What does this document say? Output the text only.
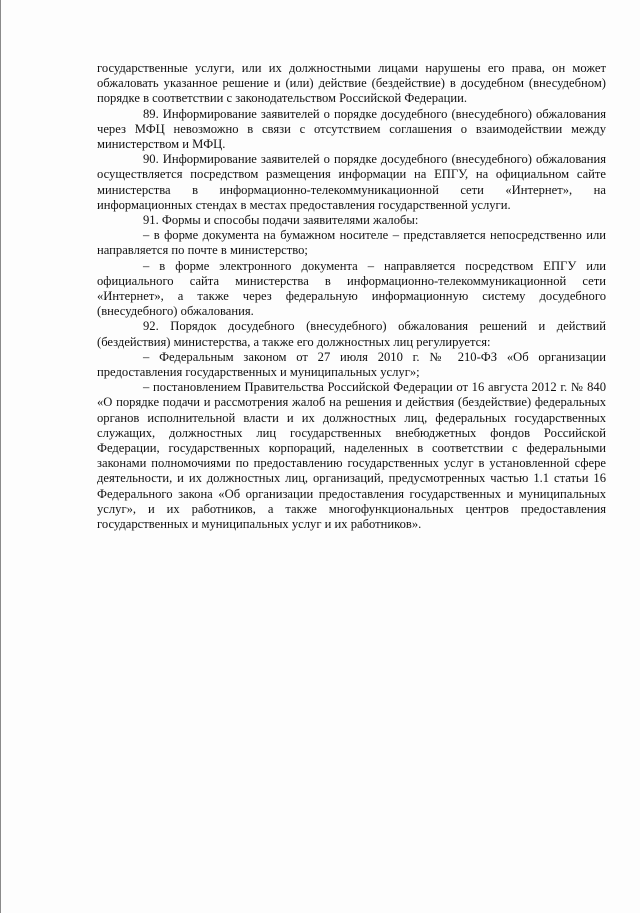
государственные услуги, или их должностными лицами нарушены его права, он может обжаловать указанное решение и (или) действие (бездействие) в досудебном (внесудебном) порядке в соответствии с законодательством Российской Федерации.

89. Информирование заявителей о порядке досудебного (внесудебного) обжалования через МФЦ невозможно в связи с отсутствием соглашения о взаимодействии между министерством и МФЦ.

90. Информирование заявителей о порядке досудебного (внесудебного) обжалования осуществляется посредством размещения информации на ЕПГУ, на официальном сайте министерства в информационно-телекоммуникационной сети «Интернет», на информационных стендах в местах предоставления государственной услуги.

91. Формы и способы подачи заявителями жалобы:

– в форме документа на бумажном носителе – представляется непосредственно или направляется по почте в министерство;

– в форме электронного документа – направляется посредством ЕПГУ или официального сайта министерства в информационно-телекоммуникационной сети «Интернет», а также через федеральную информационную систему досудебного (внесудебного) обжалования.

92. Порядок досудебного (внесудебного) обжалования решений и действий (бездействия) министерства, а также его должностных лиц регулируется:

– Федеральным законом от 27 июля 2010 г. № 210-ФЗ «Об организации предоставления государственных и муниципальных услуг»;

– постановлением Правительства Российской Федерации от 16 августа 2012 г. № 840 «О порядке подачи и рассмотрения жалоб на решения и действия (бездействие) федеральных органов исполнительной власти и их должностных лиц, федеральных государственных служащих, должностных лиц государственных внебюджетных фондов Российской Федерации, государственных корпораций, наделенных в соответствии с федеральными законами полномочиями по предоставлению государственных услуг в установленной сфере деятельности, и их должностных лиц, организаций, предусмотренных частью 1.1 статьи 16 Федерального закона «Об организации предоставления государственных и муниципальных услуг», и их работников, а также многофункциональных центров предоставления государственных и муниципальных услуг и их работников».
